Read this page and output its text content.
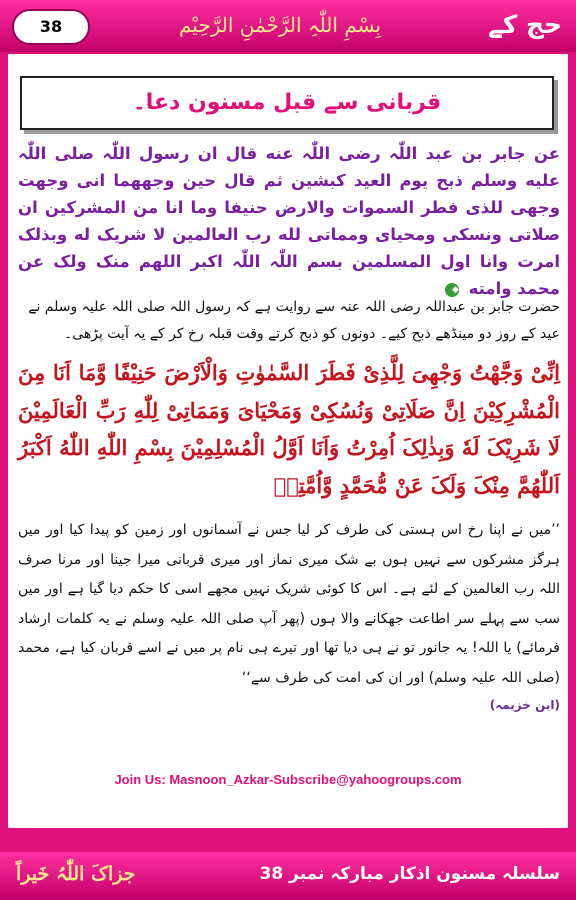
38	بِسْمِ اللّٰہِ الرَّحْمٰنِ الرَّحِيْم	حج کے
قربانی سے قبل مسنون دعا۔
عن جابر بن عبد اللّٰہ رضی اللّٰہ عنه قال ان رسول اللّٰہ صلی اللّٰہ علیه وسلم ذبح یوم العید کبشین ثم قال حین وجههما انی وجهت وجهی للذی فطر السموات والارض حنیفا وما انا من المشرکین ان صلاتی ونسکی ومحیای ومماتی لله رب العالمین لا شریک له وبذلک امرت وانا اول المسلمین بسم اللّٰہ اللّٰہ اکبر اللهم منک ولک عن محمد وامته ◆
حضرت جابر بن عبداللہ رضی اللہ عنہ سے روایت ہے کہ رسول اللہ صلی اللہ علیہ وسلم نے عید کے روز دو مینڈھے ذبح کیے۔ دونوں کو ذبح کرتے وقت قبلہ رخ کر کے یہ آیت پڑھی۔
اِنِّیْ وَجَّهْتُ وَجْهِیَ لِلَّذِیْ فَطَرَ السَّمٰوٰتِ وَالْاَرْضَ حَنِیْفًا وَّمَا اَنَا مِنَ الْمُشْرِکِیْنَ اِنَّ صَلَاتِیْ وَنُسُکِیْ وَمَحْیَایَ وَمَمَاتِیْ لِلّٰهِ رَبِّ الْعَالَمِیْنَ لَا شَرِیْکَ لَهٗ وَبِذٰلِکَ اُمِرْتُ وَاَنَا اَوَّلُ الْمُسْلِمِیْنَ بِسْمِ اللّٰهِ اللّٰهُ اَکْبَرُ اَللّٰهُمَّ مِنْکَ وَلَکَ عَنْ مُّحَمَّدٍ وَّاُمَّتِهٖ
’’میں نے اپنا رخ اس ہستی کی طرف کر لیا جس نے آسمانوں اور زمین کو پیدا کیا اور میں ہرگز مشرکوں سے نہیں ہوں بے شک میری نماز اور میری قربانی میرا جینا اور مرنا صرف اللہ رب العالمین کے لئے ہے۔ اس کا کوئی شریک نہیں مجھے اسی کا حکم دیا گیا ہے اور میں سب سے پہلے سر اطاعت جھکانے والا ہوں (پھر آپ صلی اللہ علیہ وسلم نے یہ کلمات ارشاد فرمائے) یا اللہ! یہ جانور تو نے ہی دیا تھا اور تیرے ہی نام پر میں نے اسے قربان کیا ہے، محمد (صلی اللہ علیہ وسلم) اور ان کی امت کی طرف سے‘‘
(ابن خزیمہ)
Join Us: Masnoon_Azkar-Subscribe@yahoogroups.com
جزاکَ اللّٰہُ خَیراً	سلسلہ مسنون اذکار مبارکہ نمبر 38
